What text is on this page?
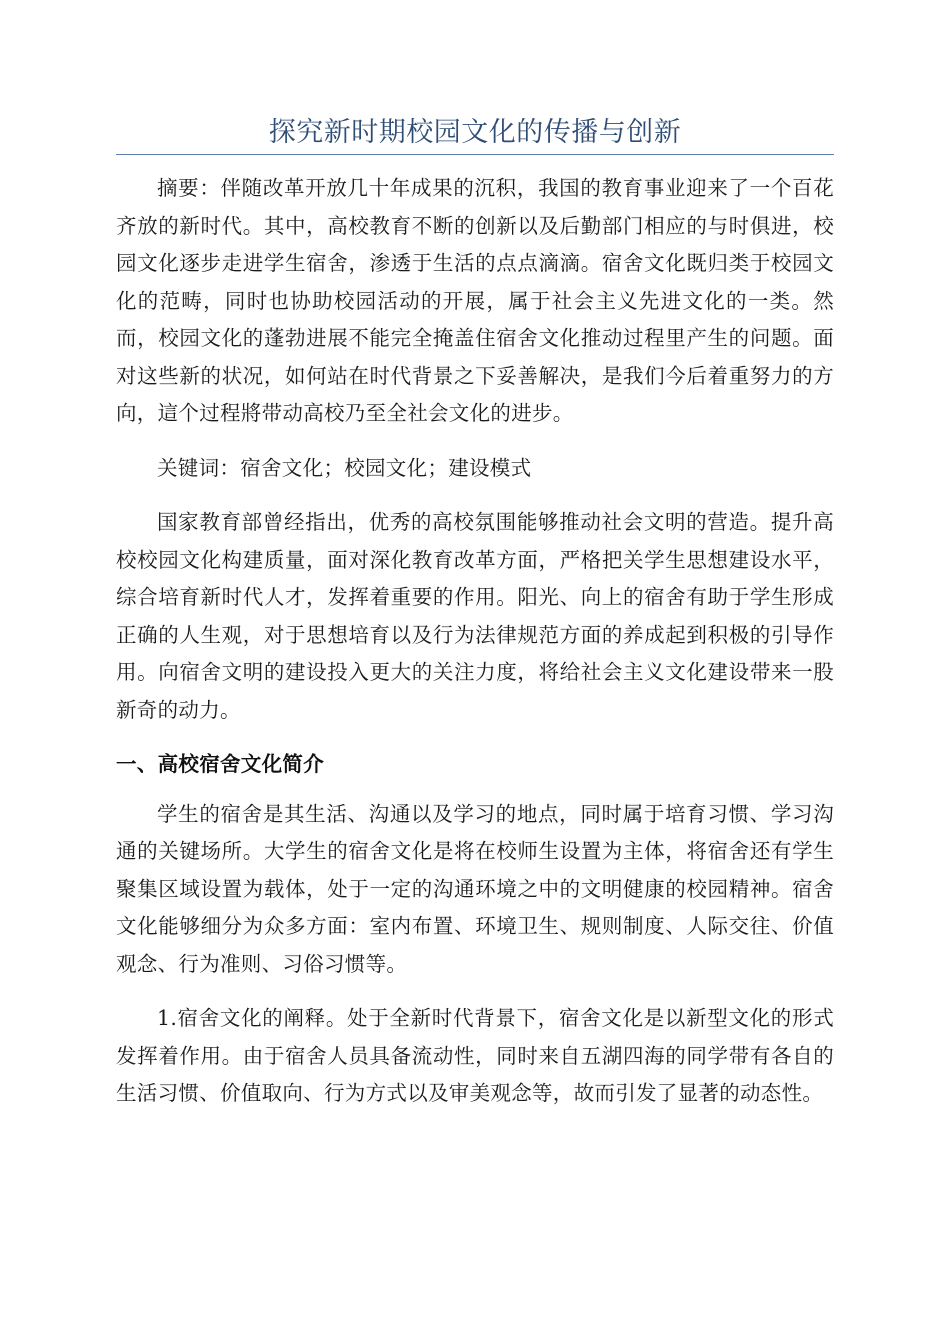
探究新时期校园文化的传播与创新

摘要：伴随改革开放几十年成果的沉积，我国的教育事业迎来了一个百花齐放的新时代。其中，高校教育不断的创新以及后勤部门相应的与时俱进，校园文化逐步走进学生宿舍，渗透于生活的点点滴滴。宿舍文化既归类于校园文化的范畴，同时也协助校园活动的开展，属于社会主义先进文化的一类。然而，校园文化的蓬勃进展不能完全掩盖住宿舍文化推动过程里产生的问题。面对这些新的状况，如何站在时代背景之下妥善解决，是我们今后着重努力的方向，這个过程將带动高校乃至全社会文化的进步。

关键词：宿舍文化；校园文化；建设模式

国家教育部曾经指出，优秀的高校氛围能够推动社会文明的营造。提升高校校园文化构建质量，面对深化教育改革方面，严格把关学生思想建设水平，综合培育新时代人才，发挥着重要的作用。阳光、向上的宿舍有助于学生形成正确的人生观，对于思想培育以及行为法律规范方面的养成起到积极的引导作用。向宿舍文明的建设投入更大的关注力度，将给社会主义文化建设带来一股新奇的动力。

一、高校宿舍文化简介

学生的宿舍是其生活、沟通以及学习的地点，同时属于培育习惯、学习沟通的关键场所。大学生的宿舍文化是将在校师生设置为主体，将宿舍还有学生聚集区域设置为载体，处于一定的沟通环境之中的文明健康的校园精神。宿舍文化能够细分为众多方面：室内布置、环境卫生、规则制度、人际交往、价值观念、行为准则、习俗习惯等。

1.宿舍文化的阐释。处于全新时代背景下，宿舍文化是以新型文化的形式发挥着作用。由于宿舍人员具备流动性，同时来自五湖四海的同学带有各自的生活习惯、价值取向、行为方式以及审美观念等，故而引发了显著的动态性。
